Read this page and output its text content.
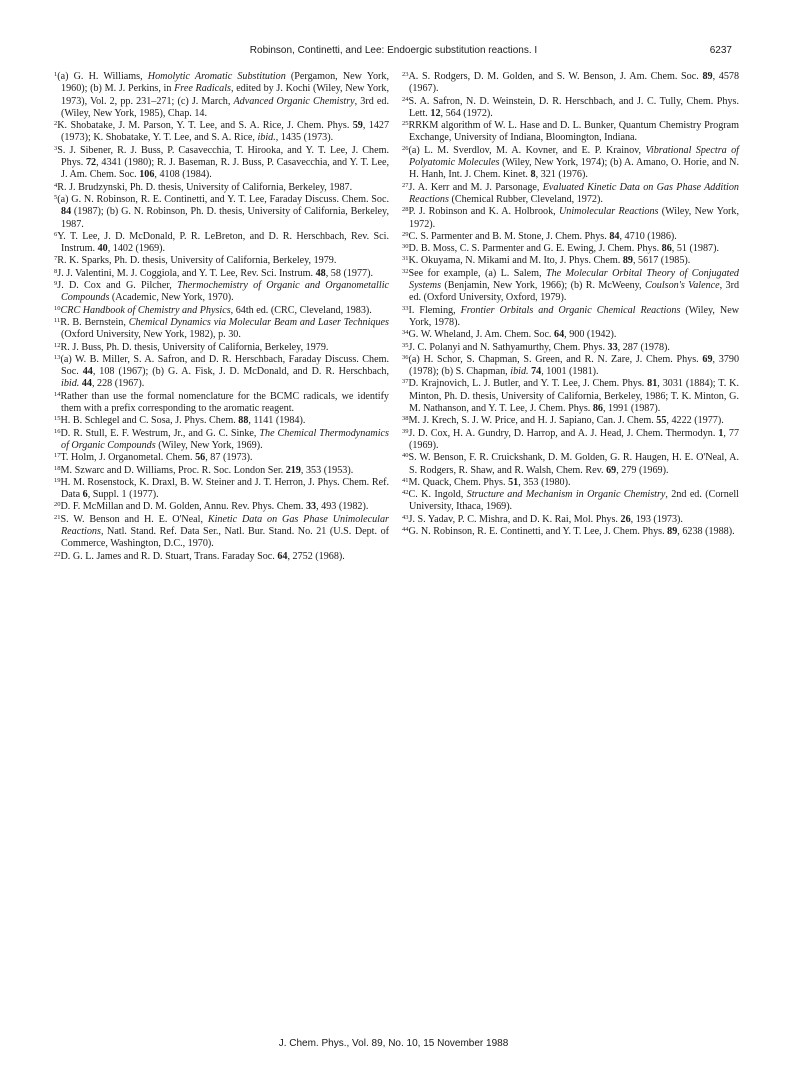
Robinson, Continetti, and Lee: Endoergic substitution reactions. I	6237

$^1$(a) G. H. Williams, Homolytic Aromatic Substitution (Pergamon, New York, 1960); (b) M. J. Perkins, in Free Radicals, edited by J. Kochi (Wiley, New York, 1973), Vol. 2, pp. 231–271; (c) J. March, Advanced Organic Chemistry, 3rd ed. (Wiley, New York, 1985), Chap. 14.

$^2$K. Shobatake, J. M. Parson, Y. T. Lee, and S. A. Rice, J. Chem. Phys. 59, 1427 (1973); K. Shobatake, Y. T. Lee, and S. A. Rice, ibid., 1435 (1973).

$^3$S. J. Sibener, R. J. Buss, P. Casavecchia, T. Hirooka, and Y. T. Lee, J. Chem. Phys. 72, 4341 (1980); R. J. Baseman, R. J. Buss, P. Casavecchia, and Y. T. Lee, J. Am. Chem. Soc. 106, 4108 (1984).

$^4$R. J. Brudzynski, Ph. D. thesis, University of California, Berkeley, 1987.

$^5$(a) G. N. Robinson, R. E. Continetti, and Y. T. Lee, Faraday Discuss. Chem. Soc. 84 (1987); (b) G. N. Robinson, Ph. D. thesis, University of California, Berkeley, 1987.

$^6$Y. T. Lee, J. D. McDonald, P. R. LeBreton, and D. R. Herschbach, Rev. Sci. Instrum. 40, 1402 (1969).

$^7$R. K. Sparks, Ph. D. thesis, University of California, Berkeley, 1979.

$^8$J. J. Valentini, M. J. Coggiola, and Y. T. Lee, Rev. Sci. Instrum. 48, 58 (1977).

$^9$J. D. Cox and G. Pilcher, Thermochemistry of Organic and Organometallic Compounds (Academic, New York, 1970).

$^{10}$CRC Handbook of Chemistry and Physics, 64th ed. (CRC, Cleveland, 1983).

$^{11}$R. B. Bernstein, Chemical Dynamics via Molecular Beam and Laser Techniques (Oxford University, New York, 1982), p. 30.

$^{12}$R. J. Buss, Ph. D. thesis, University of California, Berkeley, 1979.

$^{13}$(a) W. B. Miller, S. A. Safron, and D. R. Herschbach, Faraday Discuss. Chem. Soc. 44, 108 (1967); (b) G. A. Fisk, J. D. McDonald, and D. R. Herschbach, ibid. 44, 228 (1967).

$^{14}$Rather than use the formal nomenclature for the BCMC radicals, we identify them with a prefix corresponding to the aromatic reagent.

$^{15}$H. B. Schlegel and C. Sosa, J. Phys. Chem. 88, 1141 (1984).

$^{16}$D. R. Stull, E. F. Westrum, Jr., and G. C. Sinke, The Chemical Thermodynamics of Organic Compounds (Wiley, New York, 1969).

$^{17}$T. Holm, J. Organometal. Chem. 56, 87 (1973).

$^{18}$M. Szwarc and D. Williams, Proc. R. Soc. London Ser. 219, 353 (1953).

$^{19}$H. M. Rosenstock, K. Draxl, B. W. Steiner and J. T. Herron, J. Phys. Chem. Ref. Data 6, Suppl. 1 (1977).

$^{20}$D. F. McMillan and D. M. Golden, Annu. Rev. Phys. Chem. 33, 493 (1982).

$^{21}$S. W. Benson and H. E. O'Neal, Kinetic Data on Gas Phase Unimolecular Reactions, Natl. Stand. Ref. Data Ser., Natl. Bur. Stand. No. 21 (U.S. Dept. of Commerce, Washington, D.C., 1970).

$^{22}$D. G. L. James and R. D. Stuart, Trans. Faraday Soc. 64, 2752 (1968).

$^{23}$A. S. Rodgers, D. M. Golden, and S. W. Benson, J. Am. Chem. Soc. 89, 4578 (1967).

$^{24}$S. A. Safron, N. D. Weinstein, D. R. Herschbach, and J. C. Tully, Chem. Phys. Lett. 12, 564 (1972).

$^{25}$RRKM algorithm of W. L. Hase and D. L. Bunker, Quantum Chemistry Program Exchange, University of Indiana, Bloomington, Indiana.

$^{26}$(a) L. M. Sverdlov, M. A. Kovner, and E. P. Krainov, Vibrational Spectra of Polyatomic Molecules (Wiley, New York, 1974); (b) A. Amano, O. Horie, and N. H. Hanh, Int. J. Chem. Kinet. 8, 321 (1976).

$^{27}$J. A. Kerr and M. J. Parsonage, Evaluated Kinetic Data on Gas Phase Addition Reactions (Chemical Rubber, Cleveland, 1972).

$^{28}$P. J. Robinson and K. A. Holbrook, Unimolecular Reactions (Wiley, New York, 1972).

$^{29}$C. S. Parmenter and B. M. Stone, J. Chem. Phys. 84, 4710 (1986).

$^{30}$D. B. Moss, C. S. Parmenter and G. E. Ewing, J. Chem. Phys. 86, 51 (1987).

$^{31}$K. Okuyama, N. Mikami and M. Ito, J. Phys. Chem. 89, 5617 (1985).

$^{32}$See for example, (a) L. Salem, The Molecular Orbital Theory of Conjugated Systems (Benjamin, New York, 1966); (b) R. McWeeny, Coulson's Valence, 3rd ed. (Oxford University, Oxford, 1979).

$^{33}$I. Fleming, Frontier Orbitals and Organic Chemical Reactions (Wiley, New York, 1978).

$^{34}$G. W. Wheland, J. Am. Chem. Soc. 64, 900 (1942).

$^{35}$J. C. Polanyi and N. Sathyamurthy, Chem. Phys. 33, 287 (1978).

$^{36}$(a) H. Schor, S. Chapman, S. Green, and R. N. Zare, J. Chem. Phys. 69, 3790 (1978); (b) S. Chapman, ibid. 74, 1001 (1981).

$^{37}$D. Krajnovich, L. J. Butler, and Y. T. Lee, J. Chem. Phys. 81, 3031 (1884); T. K. Minton, Ph. D. thesis, University of California, Berkeley, 1986; T. K. Minton, G. M. Nathanson, and Y. T. Lee, J. Chem. Phys. 86, 1991 (1987).

$^{38}$M. J. Krech, S. J. W. Price, and H. J. Sapiano, Can. J. Chem. 55, 4222 (1977).

$^{39}$J. D. Cox, H. A. Gundry, D. Harrop, and A. J. Head, J. Chem. Thermodyn. 1, 77 (1969).

$^{40}$S. W. Benson, F. R. Cruickshank, D. M. Golden, G. R. Haugen, H. E. O'Neal, A. S. Rodgers, R. Shaw, and R. Walsh, Chem. Rev. 69, 279 (1969).

$^{41}$M. Quack, Chem. Phys. 51, 353 (1980).

$^{42}$C. K. Ingold, Structure and Mechanism in Organic Chemistry, 2nd ed. (Cornell University, Ithaca, 1969).

$^{43}$J. S. Yadav, P. C. Mishra, and D. K. Rai, Mol. Phys. 26, 193 (1973).

$^{44}$G. N. Robinson, R. E. Continetti, and Y. T. Lee, J. Chem. Phys. 89, 6238 (1988).

J. Chem. Phys., Vol. 89, No. 10, 15 November 1988
